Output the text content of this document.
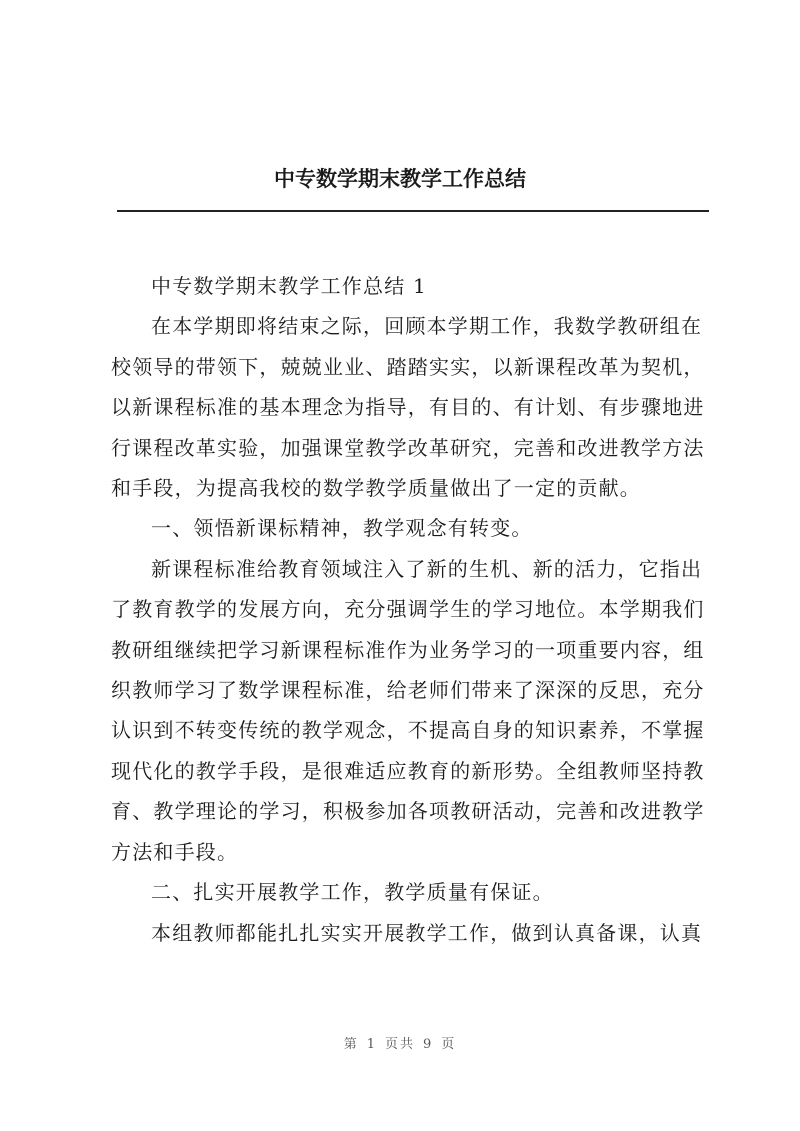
中专数学期末教学工作总结
中专数学期末教学工作总结 1
在本学期即将结束之际，回顾本学期工作，我数学教研组在
校领导的带领下，兢兢业业、踏踏实实，以新课程改革为契机，
以新课程标准的基本理念为指导，有目的、有计划、有步骤地进
行课程改革实验，加强课堂教学改革研究，完善和改进教学方法
和手段，为提高我校的数学教学质量做出了一定的贡献。
一、领悟新课标精神，教学观念有转变。
新课程标准给教育领域注入了新的生机、新的活力，它指出
了教育教学的发展方向，充分强调学生的学习地位。本学期我们
教研组继续把学习新课程标准作为业务学习的一项重要内容，组
织教师学习了数学课程标准，给老师们带来了深深的反思，充分
认识到不转变传统的教学观念，不提高自身的知识素养，不掌握
现代化的教学手段，是很难适应教育的新形势。全组教师坚持教
育、教学理论的学习，积极参加各项教研活动，完善和改进教学
方法和手段。
二、扎实开展教学工作，教学质量有保证。
本组教师都能扎扎实实开展教学工作，做到认真备课，认真
第 1 页共 9 页
